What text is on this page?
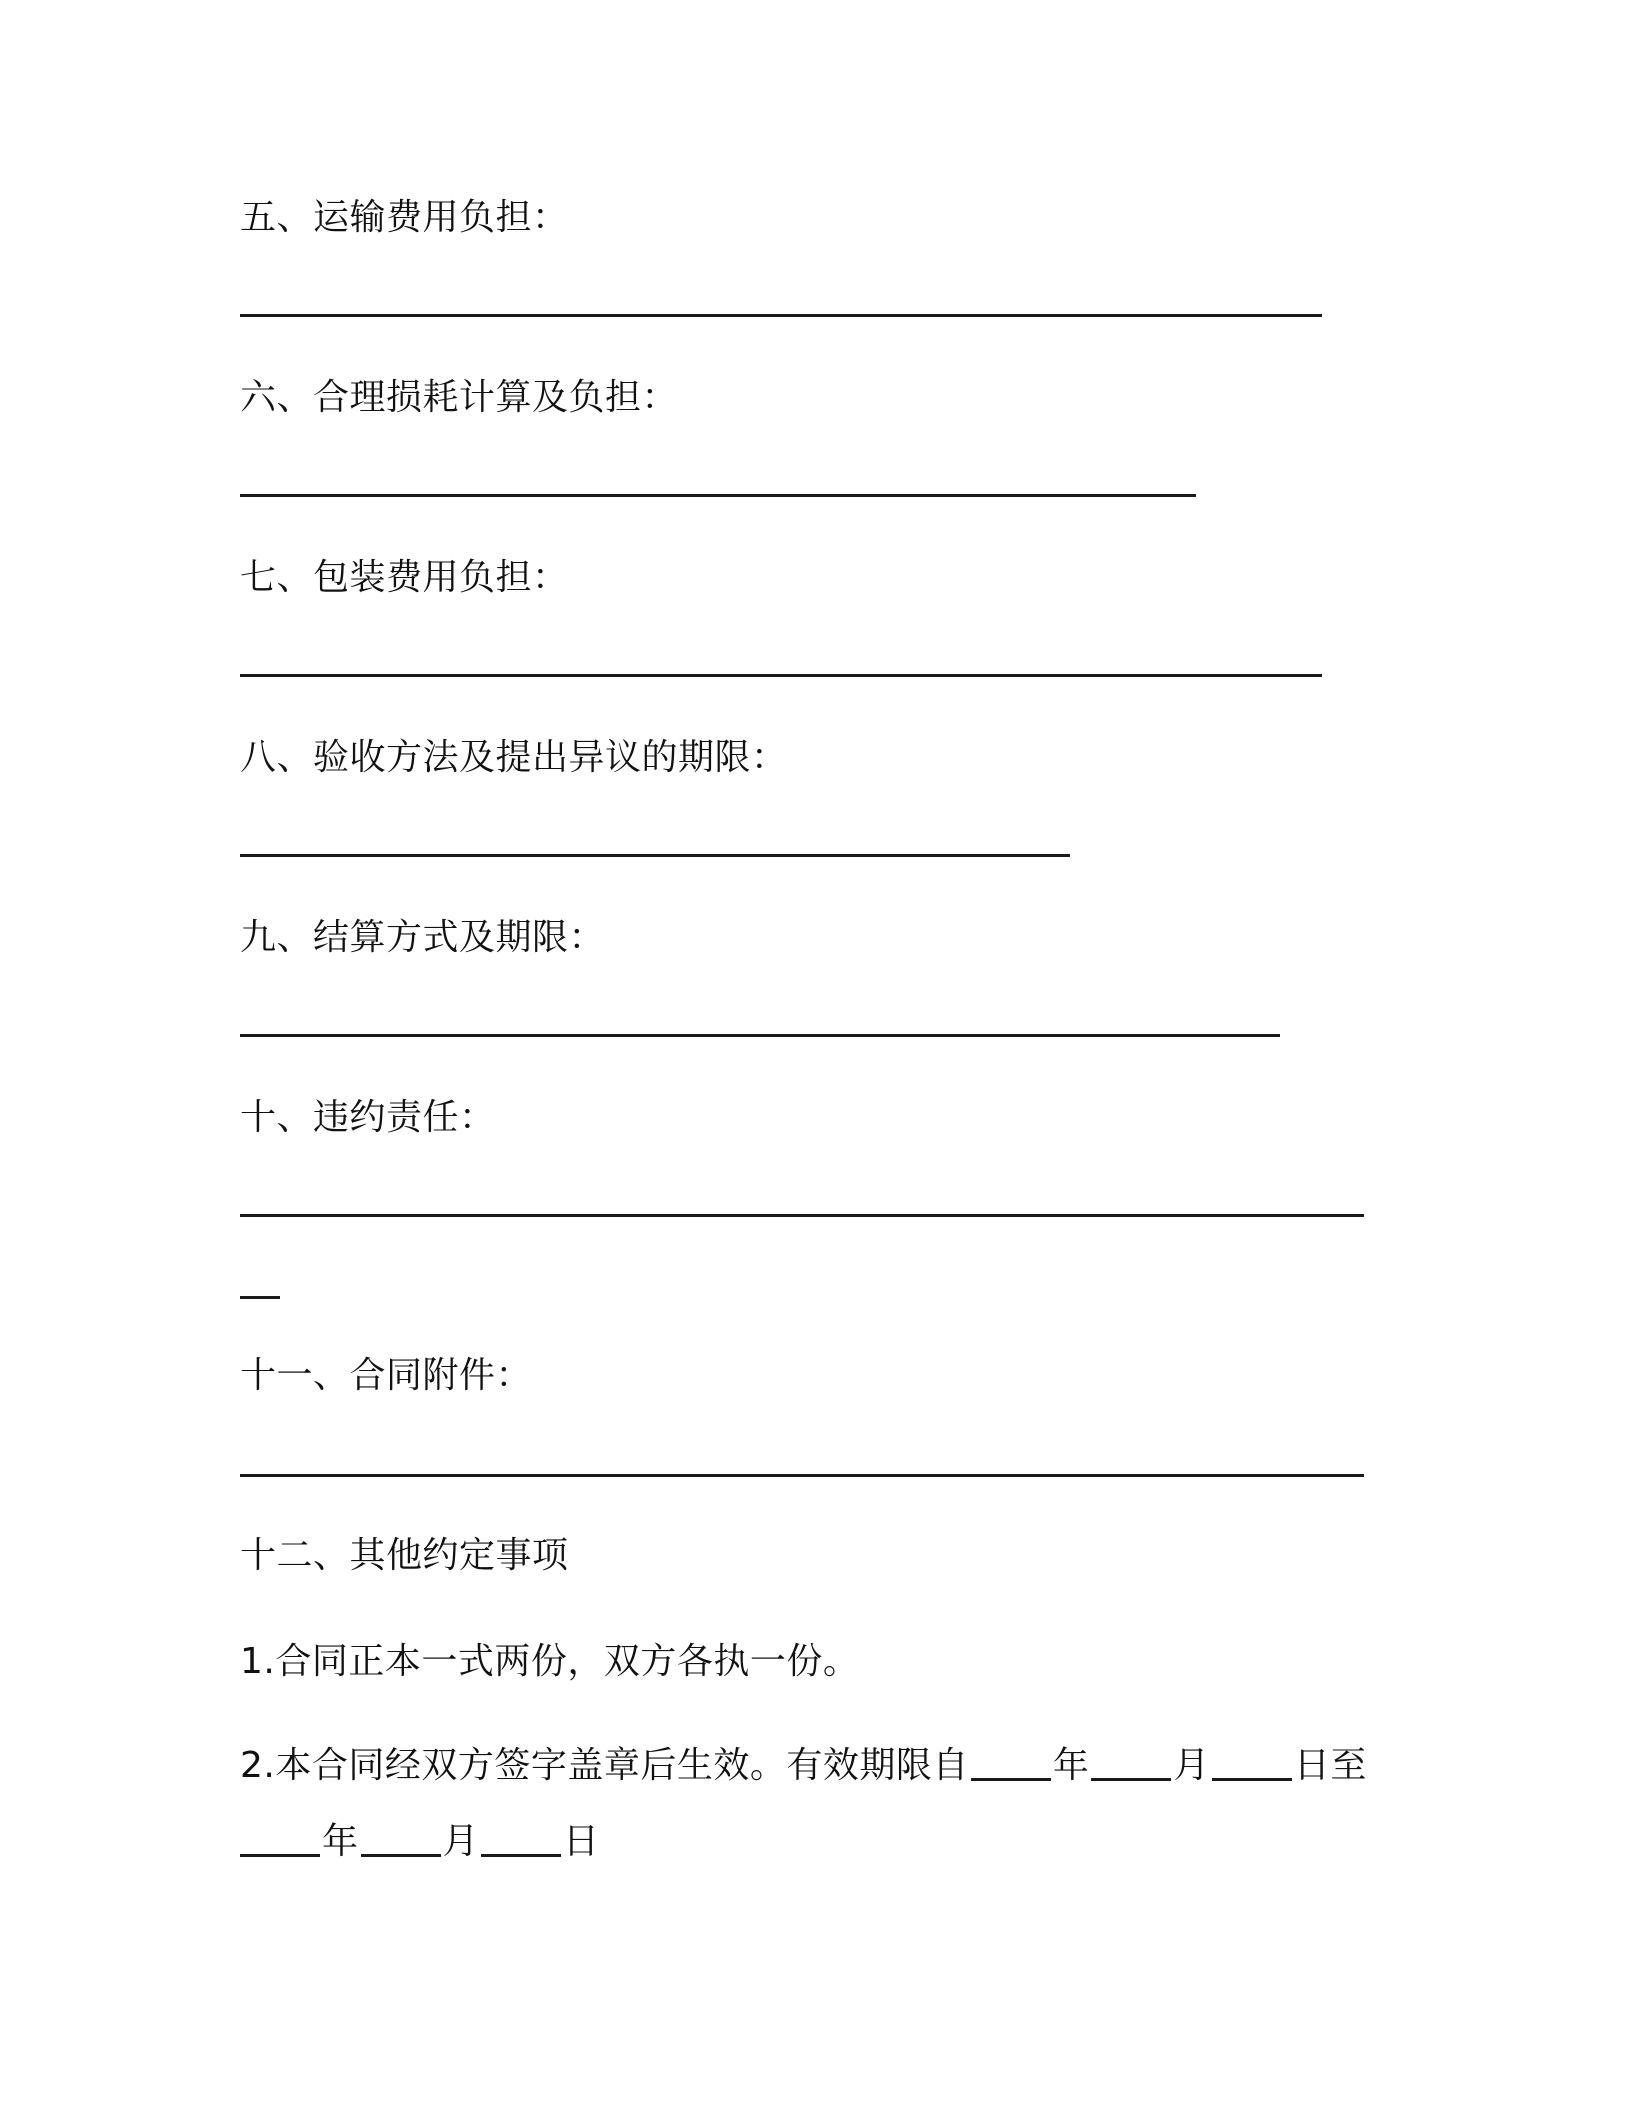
五、运输费用负担：
六、合理损耗计算及负担：
七、包装费用负担：
八、验收方法及提出异议的期限：
九、结算方式及期限：
十、违约责任：
十一、合同附件：
十二、其他约定事项
1.合同正本一式两份，双方各执一份。
2.本合同经双方签字盖章后生效。有效期限自 年 月 日至
年 月 日
